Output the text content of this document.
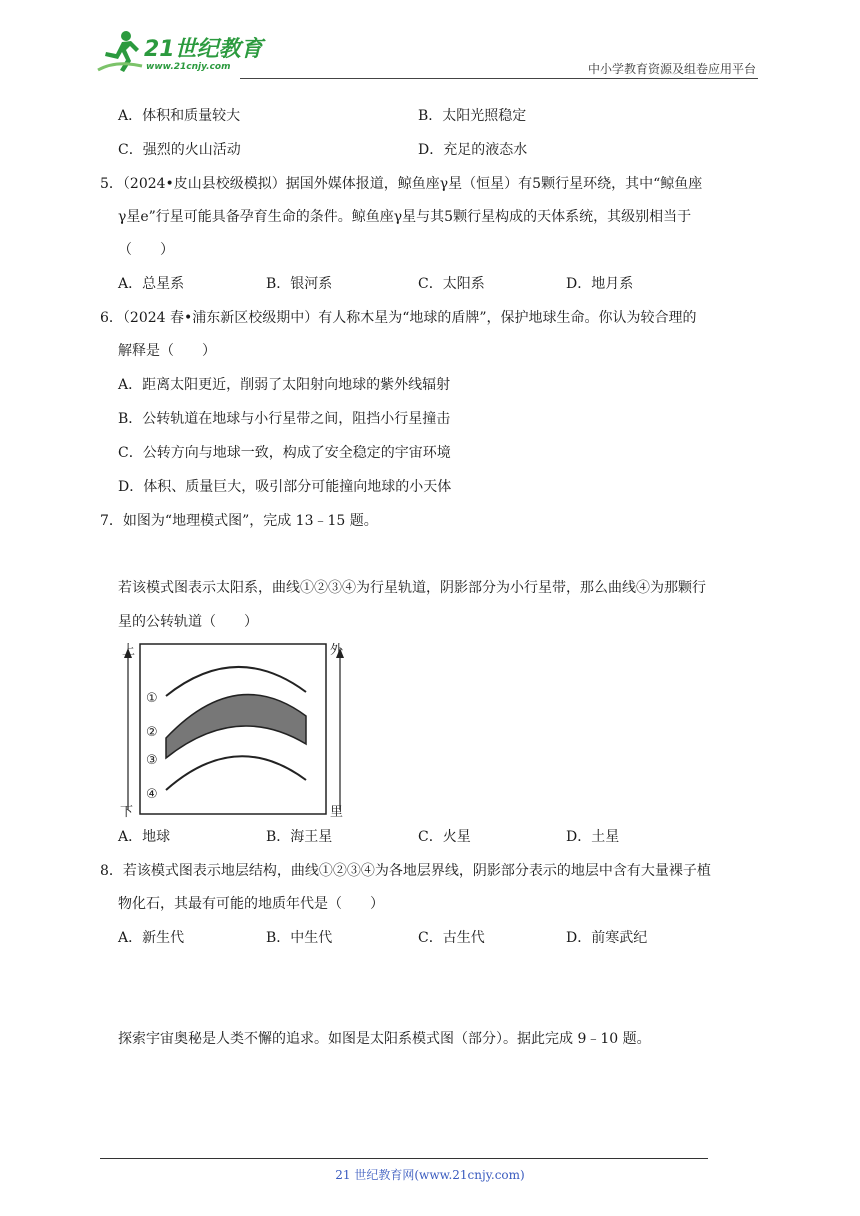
21世纪教育
www.21cnjy.com	中小学教育资源及组卷应用平台
A．体积和质量较大	B．太阳光照稳定
C．强烈的火山活动	D．充足的液态水
5．（2024•皮山县校级模拟）据国外媒体报道，鲸鱼座γ星（恒星）有5颗行星环绕，其中“鲸鱼座
γ星e”行星可能具备孕育生命的条件。鲸鱼座γ星与其5颗行星构成的天体系统，其级别相当于
（　　）
A．总星系	B．银河系	C．太阳系	D．地月系
6．（2024 春•浦东新区校级期中）有人称木星为“地球的盾牌”，保护地球生命。你认为较合理的
解释是（　　）
A．距离太阳更近，削弱了太阳射向地球的紫外线辐射
B．公转轨道在地球与小行星带之间，阻挡小行星撞击
C．公转方向与地球一致，构成了安全稳定的宇宙环境
D．体积、质量巨大，吸引部分可能撞向地球的小天体
7．如图为“地理模式图”，完成 13﹣15 题。
若该模式图表示太阳系，曲线①②③④为行星轨道，阴影部分为小行星带，那么曲线④为那颗行
星的公转轨道（　　）
上
下
外
里
①
②
③
④
A．地球	B．海王星	C．火星	D．土星
8．若该模式图表示地层结构，曲线①②③④为各地层界线，阴影部分表示的地层中含有大量裸子植
物化石，其最有可能的地质年代是（　　）
A．新生代	B．中生代	C．古生代	D．前寒武纪
探索宇宙奥秘是人类不懈的追求。如图是太阳系模式图（部分）。据此完成 9﹣10 题。
21 世纪教育网(www.21cnjy.com)
